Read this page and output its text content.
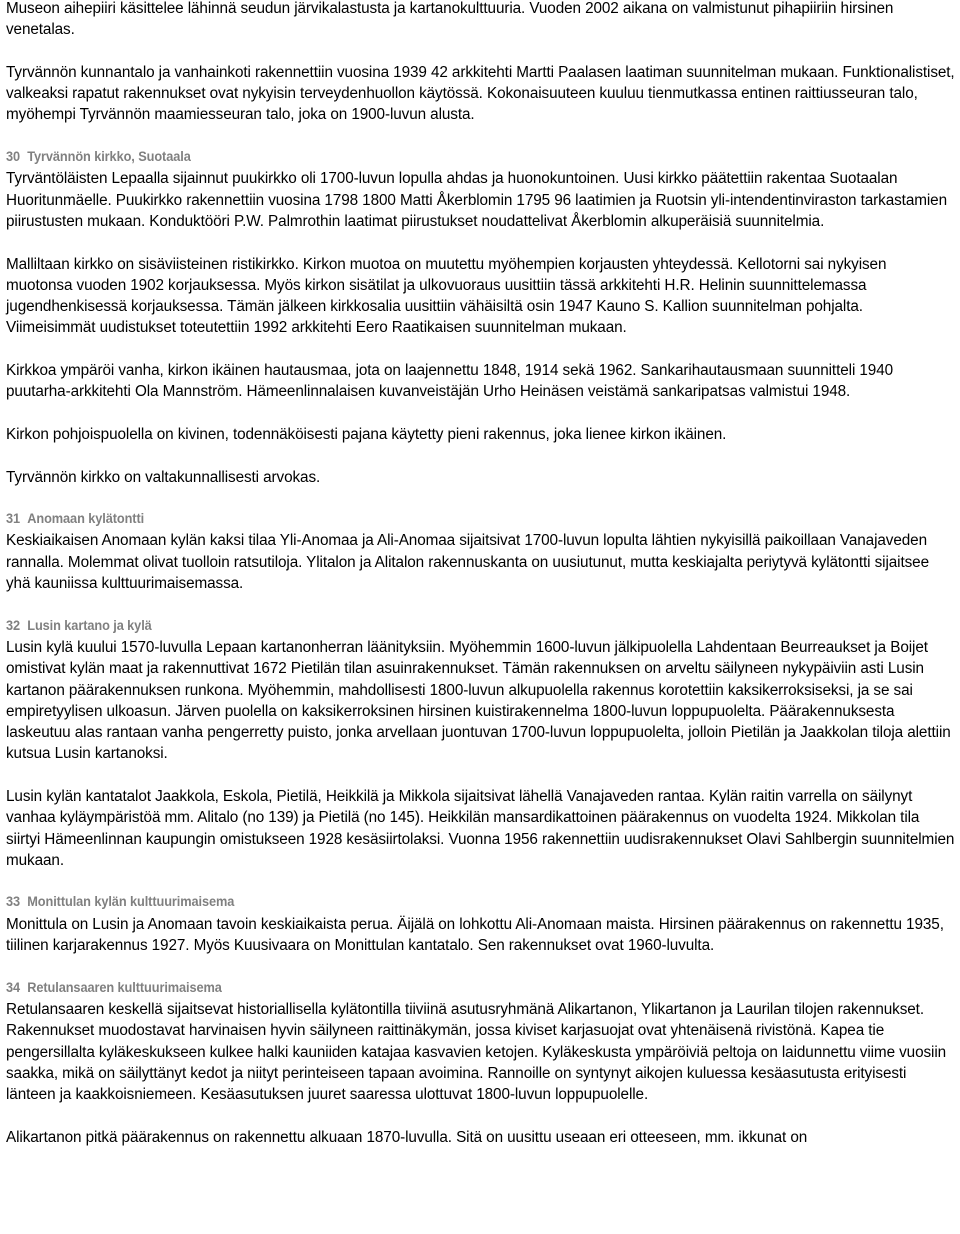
Museon aihepiiri käsittelee lähinnä seudun järvikalastusta ja kartanokulttuuria. Vuoden 2002 aikana on valmistunut pihapiiriin hirsinen venetalas.

Tyrvännön kunnantalo ja vanhainkoti rakennettiin vuosina 1939 42 arkkitehti Martti Paalasen laatiman suunnitelman mukaan. Funktionalistiset, valkeaksi rapatut rakennukset ovat nykyisin terveydenhuollon käytössä. Kokonaisuuteen kuuluu tienmutkassa entinen raittiusseuran talo, myöhempi Tyrvännön maamiesseuran talo, joka on 1900-luvun alusta.

30 Tyrvännön kirkko, Suotaala

Tyrväntöläisten Lepaalla sijainnut puukirkko oli 1700-luvun lopulla ahdas ja huonokuntoinen. Uusi kirkko päätettiin rakentaa Suotaalan Huoritunmäelle. Puukirkko rakennettiin vuosina 1798 1800 Matti Åkerblomin 1795 96 laatimien ja Ruotsin yli-intendentinviraston tarkastamien piirustusten mukaan. Konduktööri P.W. Palmrothin laatimat piirustukset noudattelivat Åkerblomin alkuperäisiä suunnitelmia.

Malliltaan kirkko on sisäviisteinen ristikirkko. Kirkon muotoa on muutettu myöhempien korjausten yhteydessä. Kellotorni sai nykyisen muotonsa vuoden 1902 korjauksessa. Myös kirkon sisätilat ja ulkovuoraus uusittiin tässä arkkitehti H.R. Helinin suunnittelemassa jugendhenkisessä korjauksessa. Tämän jälkeen kirkkosalia uusittiin vähäisiltä osin 1947 Kauno S. Kallion suunnitelman pohjalta. Viimeisimmät uudistukset toteutettiin 1992 arkkitehti Eero Raatikaisen suunnitelman mukaan.

Kirkkoa ympäröi vanha, kirkon ikäinen hautausmaa, jota on laajennettu 1848, 1914 sekä 1962. Sankarihautausmaan suunnitteli 1940 puutarha-arkkitehti Ola Mannström. Hämeenlinnalaisen kuvanveistäjän Urho Heinäsen veistämä sankaripatsas valmistui 1948.

Kirkon pohjoispuolella on kivinen, todennäköisesti pajana käytetty pieni rakennus, joka lienee kirkon ikäinen.

Tyrvännön kirkko on valtakunnallisesti arvokas.

31 Anomaan kylätontti

Keskiaikaisen Anomaan kylän kaksi tilaa Yli-Anomaa ja Ali-Anomaa sijaitsivat 1700-luvun lopulta lähtien nykyisillä paikoillaan Vanajaveden rannalla. Molemmat olivat tuolloin ratsutiloja. Ylitalon ja Alitalon rakennuskanta on uusiutunut, mutta keskiajalta periytyvä kylätontti sijaitsee yhä kauniissa kulttuurimaisemassa.

32 Lusin kartano ja kylä

Lusin kylä kuului 1570-luvulla Lepaan kartanonherran läänityksiin. Myöhemmin 1600-luvun jälkipuolella Lahdentaan Beurreaukset ja Boijet omistivat kylän maat ja rakennuttivat 1672 Pietilän tilan asuinrakennukset. Tämän rakennuksen on arveltu säilyneen nykypäiviin asti Lusin kartanon päärakennuksen runkona. Myöhemmin, mahdollisesti 1800-luvun alkupuolella rakennus korotettiin kaksikerroksiseksi, ja se sai empiretyylisen ulkoasun. Järven puolella on kaksikerroksinen hirsinen kuistirakennelma 1800-luvun loppupuolelta. Päärakennuksesta laskeutuu alas rantaan vanha pengerretty puisto, jonka arvellaan juontuvan 1700-luvun loppupuolelta, jolloin Pietilän ja Jaakkolan tiloja alettiin kutsua Lusin kartanoksi.

Lusin kylän kantatalot Jaakkola, Eskola, Pietilä, Heikkilä ja Mikkola sijaitsivat lähellä Vanajaveden rantaa. Kylän raitin varrella on säilynyt vanhaa kyläympäristöä mm. Alitalo (no 139) ja Pietilä (no 145). Heikkilän mansardikattoinen päärakennus on vuodelta 1924. Mikkolan tila siirtyi Hämeenlinnan kaupungin omistukseen 1928 kesäsiirtolaksi. Vuonna 1956 rakennettiin uudisrakennukset Olavi Sahlbergin suunnitelmien mukaan.

33 Monittulan kylän kulttuurimaisema

Monittula on Lusin ja Anomaan tavoin keskiaikaista perua. Äijälä on lohkottu Ali-Anomaan maista. Hirsinen päärakennus on rakennettu 1935, tiilinen karjarakennus 1927. Myös Kuusivaara on Monittulan kantatalo. Sen rakennukset ovat 1960-luvulta.

34 Retulansaaren kulttuurimaisema

Retulansaaren keskellä sijaitsevat historiallisella kylätontilla tiiviinä asutusryhmänä Alikartanon, Ylikartanon ja Laurilan tilojen rakennukset. Rakennukset muodostavat harvinaisen hyvin säilyneen raittinäkymän, jossa kiviset karjasuojat ovat yhtenäisenä rivistönä. Kapea tie pengersillalta kyläkeskukseen kulkee halki kauniiden katajaa kasvavien ketojen. Kyläkeskusta ympäröiviä peltoja on laidunnettu viime vuosiin saakka, mikä on säilyttänyt kedot ja niityt perinteiseen tapaan avoimina. Rannoille on syntynyt aikojen kuluessa kesäasutusta erityisesti länteen ja kaakkoisniemeen. Kesäasutuksen juuret saaressa ulottuvat 1800-luvun loppupuolelle.

Alikartanon pitkä päärakennus on rakennettu alkuaan 1870-luvulla. Sitä on uusittu useaan eri otteeseen, mm. ikkunat on
